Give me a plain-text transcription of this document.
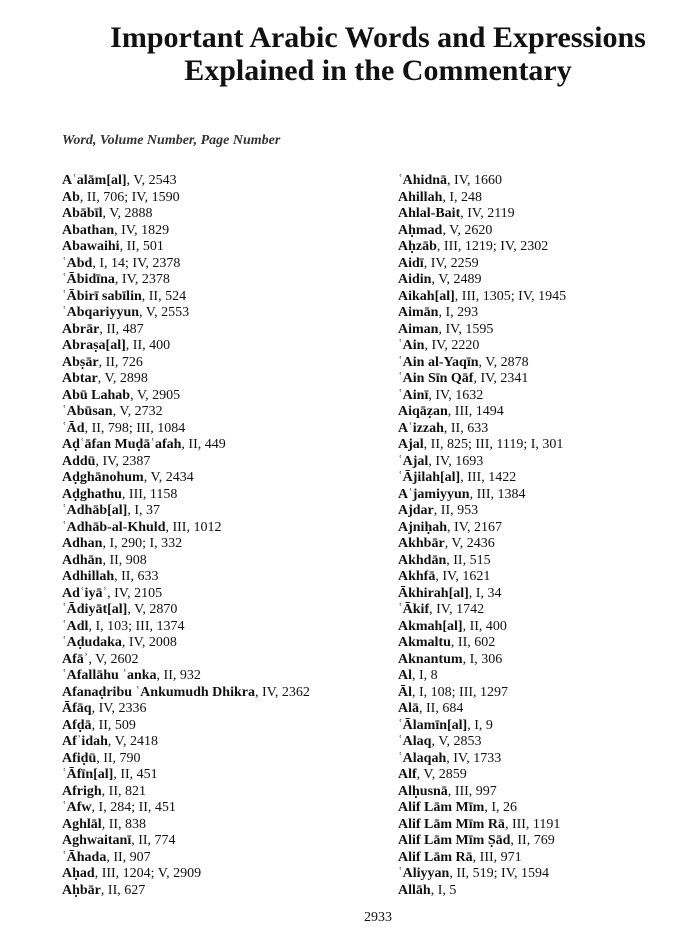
Important Arabic Words and Expressions
Explained in the Commentary
Word, Volume Number, Page Number
Aʿalām[al], V, 2543
Ab, II, 706; IV, 1590
Abābīl, V, 2888
Abathan, IV, 1829
Abawaihi, II, 501
ʿAbd, I, 14; IV, 2378
ʿĀbidīna, IV, 2378
ʿĀbirī sabīlin, II, 524
ʿAbqariyyun, V, 2553
Abrār, II, 487
Abraṣa[al], II, 400
Abṣār, II, 726
Abtar, V, 2898
Abū Lahab, V, 2905
ʿAbūsan, V, 2732
ʿĀd, II, 798; III, 1084
Aḍʿāfan Muḍāʿafah, II, 449
Addū, IV, 2387
Aḍghānohum, V, 2434
Aḍghathu, III, 1158
ʿAdhāb[al], I, 37
ʿAdhāb-al-Khuld, III, 1012
Adhan, I, 290; I, 332
Adhān, II, 908
Adhillah, II, 633
Adʿiyāʾ, IV, 2105
ʿĀdiyāt[al], V, 2870
ʿAdl, I, 103; III, 1374
ʿAḍudaka, IV, 2008
Afāʾ, V, 2602
ʿAfallāhu ʿanka, II, 932
Afanaḍribu ʿAnkumudh Dhikra, IV, 2362
Āfāq, IV, 2336
Afḍā, II, 509
Afʾidah, V, 2418
Afiḍū, II, 790
ʿĀfīn[al], II, 451
Afrigh, II, 821
ʿAfw, I, 284; II, 451
Aghlāl, II, 838
Aghwaitanī, II, 774
ʿĀhada, II, 907
Aḥad, III, 1204; V, 2909
Aḥbār, II, 627
ʿAhidnā, IV, 1660
Ahillah, I, 248
Ahlal-Bait, IV, 2119
Aḥmad, V, 2620
Aḥzāb, III, 1219; IV, 2302
Aidī, IV, 2259
Aidin, V, 2489
Aikah[al], III, 1305; IV, 1945
Aimān, I, 293
Aiman, IV, 1595
ʿAin, IV, 2220
ʿAin al-Yaqīn, V, 2878
ʿAin Sīn Qāf, IV, 2341
ʿAinī, IV, 1632
Aiqāẓan, III, 1494
Aʿizzah, II, 633
Ajal, II, 825; III, 1119; I, 301
ʿAjal, IV, 1693
ʿĀjilah[al], III, 1422
Aʿjamiyyun, III, 1384
Ajdar, II, 953
Ajniḥah, IV, 2167
Akhbār, V, 2436
Akhdān, II, 515
Akhfā, IV, 1621
Ākhirah[al], I, 34
ʿĀkif, IV, 1742
Akmah[al], II, 400
Akmaltu, II, 602
Aknantum, I, 306
Al, I, 8
Āl, I, 108; III, 1297
Alā, II, 684
ʿĀlamīn[al], I, 9
ʿAlaq, V, 2853
ʿAlaqah, IV, 1733
Alf, V, 2859
Alḥusnā, III, 997
Alif Lām Mīm, I, 26
Alif Lām Mīm Rā, III, 1191
Alif Lām Mīm Ṣād, II, 769
Alif Lām Rā, III, 971
ʿAliyyan, II, 519; IV, 1594
Allāh, I, 5
2933
